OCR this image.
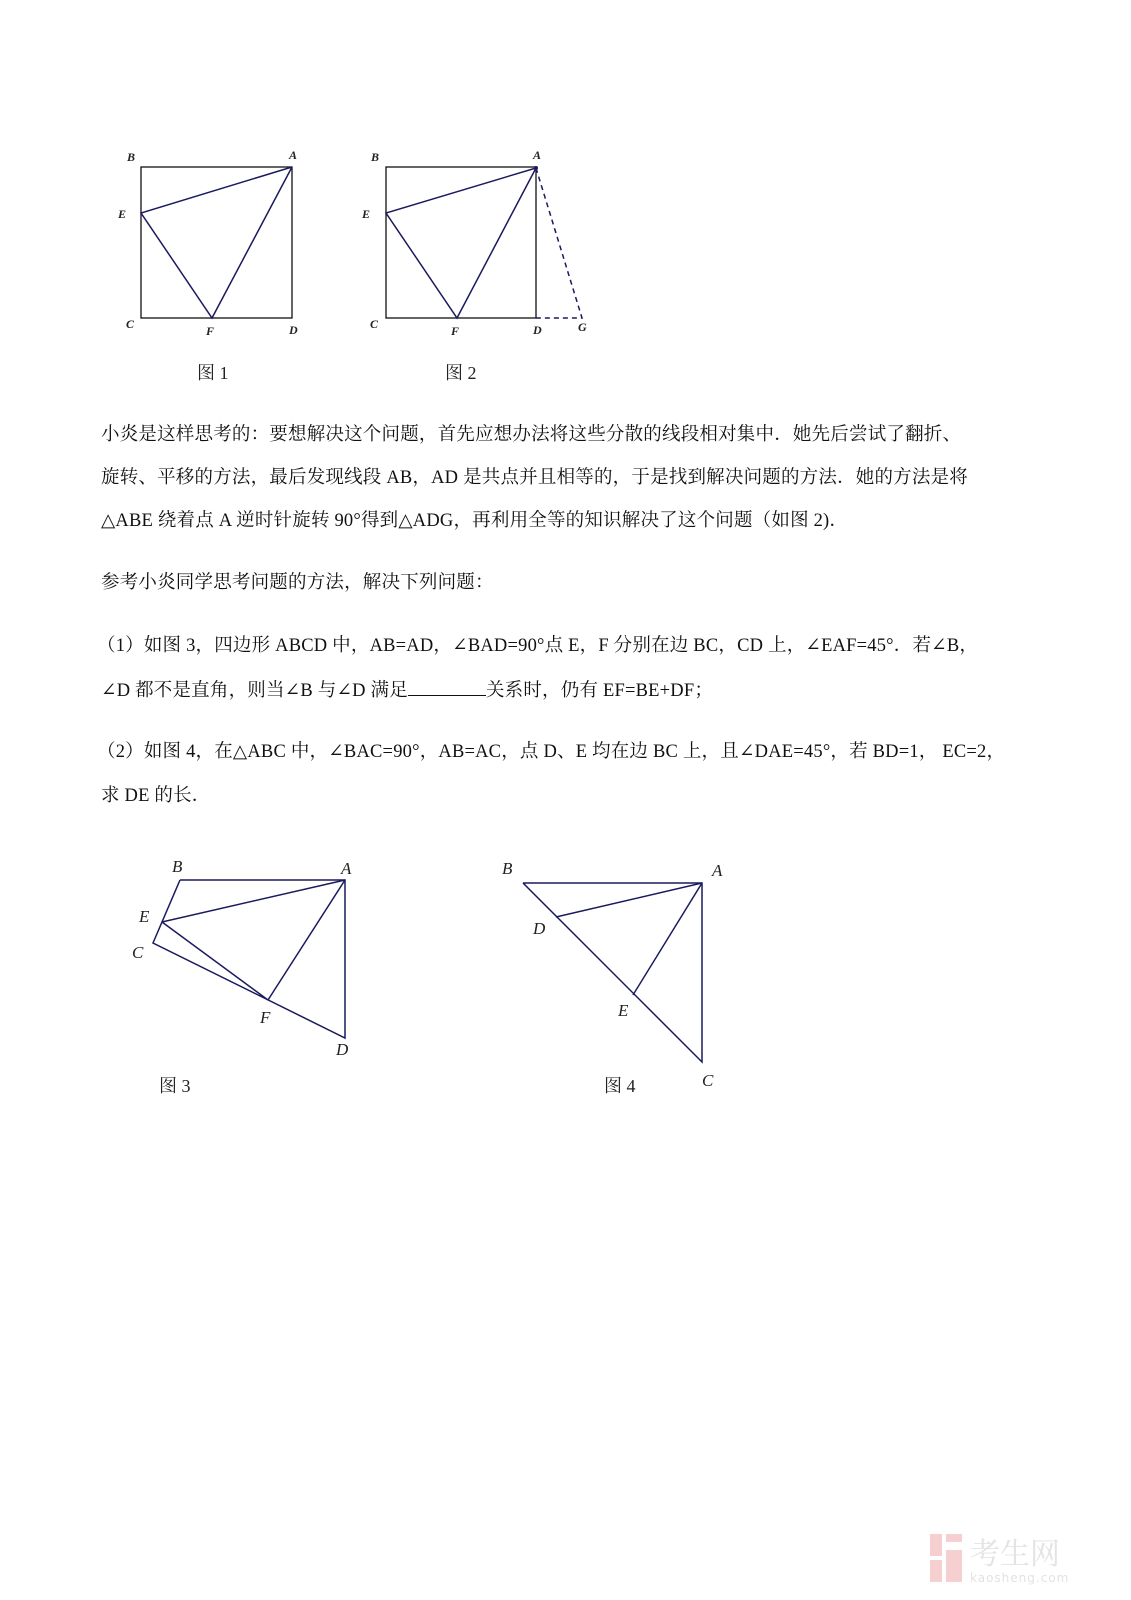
B	A
E
C	F	D
图 1
B	A
E
C	F	D	G
图 2
B	A
E
C
F
D
图 3
B	A
D
E
C
图 4
小炎是这样思考的：要想解决这个问题，首先应想办法将这些分散的线段相对集中．她先后尝试了翻折、
旋转、平移的方法，最后发现线段 AB，AD 是共点并且相等的，于是找到解决问题的方法．她的方法是将
△ABE 绕着点 A 逆时针旋转 90°得到△ADG，再利用全等的知识解决了这个问题（如图 2)．
参考小炎同学思考问题的方法，解决下列问题：
（1）如图 3，四边形 ABCD 中，AB=AD，∠BAD=90°点 E，F 分别在边 BC，CD 上，∠EAF=45°．若∠B，
∠D 都不是直角，则当∠B 与∠D 满足	关系时，仍有 EF=BE+DF；
（2）如图 4，在△ABC 中，∠BAC=90°，AB=AC，点 D、E 均在边 BC 上，且∠DAE=45°，若 BD=1， EC=2，
求 DE 的长．
考生网
kaosheng.com
